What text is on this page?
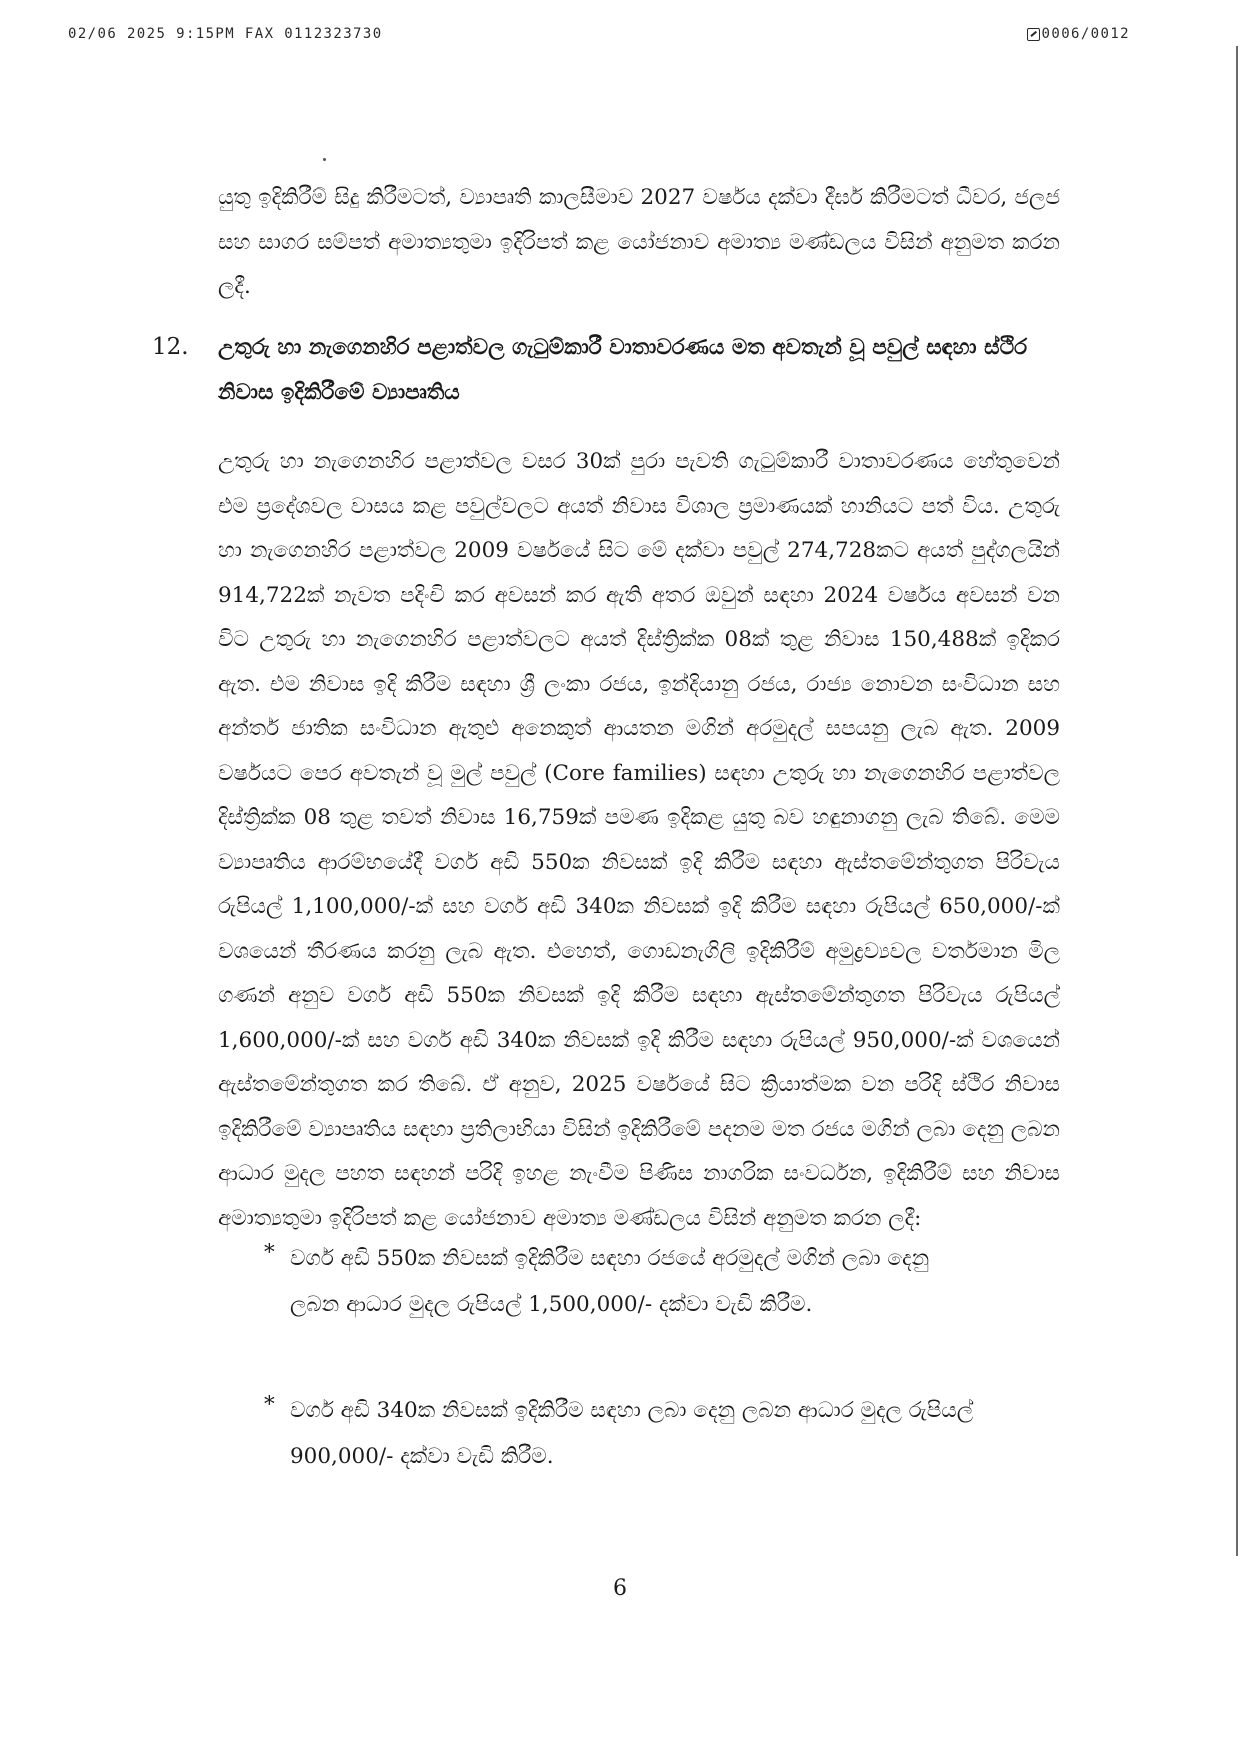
02/06 2025 9:15PM FAX 0112323730	0006/0012

යුතු ඉදිකිරීම් සිදු කිරීමටත්, ව්‍යාපෘති කාලසීමාව 2027 වර්ෂය දක්වා දීර්ඝ කිරීමටත් ධීවර, ජලජ සහ සාගර සම්පත් අමාත්‍යතුමා ඉදිරිපත් කළ යෝජනාව අමාත්‍ය මණ්ඩලය විසින් අනුමත කරන ලදී.

12. උතුරු හා නැගෙනහිර පළාත්වල ගැටුම්කාරී වාතාවරණය මත අවතැන් වූ පවුල් සඳහා ස්ථිර නිවාස ඉදිකිරීමේ ව්‍යාපෘතිය

උතුරු හා නැගෙනහිර පළාත්වල වසර 30ක් පුරා පැවති ගැටුම්කාරී වාතාවරණය හේතුවෙන් එම ප්‍රදේශවල වාසය කළ පවුල්වලට අයත් නිවාස විශාල ප්‍රමාණයක් හානියට පත් විය. උතුරු හා නැගෙනහිර පළාත්වල 2009 වර්ෂයේ සිට මේ දක්වා පවුල් 274,728කට අයත් පුද්ගලයින් 914,722ක් නැවත පදිංචි කර අවසන් කර ඇති අතර ඔවුන් සඳහා 2024 වර්ෂය අවසන් වන විට උතුරු හා නැගෙනහිර පළාත්වලට අයත් දිස්ත්‍රික්ක 08ක් තුළ නිවාස 150,488ක් ඉදිකර ඇත. එම නිවාස ඉදි කිරීම සඳහා ශ්‍රී ලංකා රජය, ඉන්දියානු රජය, රාජ්‍ය නොවන සංවිධාන සහ අන්තර් ජාතික සංවිධාන ඇතුළු අනෙකුත් ආයතන මගින් අරමුදල් සපයනු ලැබ ඇත. 2009 වර්ෂයට පෙර අවතැන් වූ මුල් පවුල් (Core families) සඳහා උතුරු හා නැගෙනහිර පළාත්වල දිස්ත්‍රික්ක 08 තුළ තවත් නිවාස 16,759ක් පමණ ඉදිකළ යුතු බව හඳුනාගනු ලැබ තිබේ. මෙම ව්‍යාපෘතිය ආරම්භයේදී වර්ග අඩි 550ක නිවසක් ඉදි කිරීම සඳහා ඇස්තමේන්තුගත පිරිවැය රුපියල් 1,100,000/-ක් සහ වර්ග අඩි 340ක නිවසක් ඉදි කිරීම සඳහා රුපියල් 650,000/-ක් වශයෙන් තීරණය කරනු ලැබ ඇත. එහෙත්, ගොඩනැගිලි ඉදිකිරීම් අමුද්‍රව්‍යවල වර්තමාන මිල ගණන් අනුව වර්ග අඩි 550ක නිවසක් ඉදි කිරීම සඳහා ඇස්තමේන්තුගත පිරිවැය රුපියල් 1,600,000/-ක් සහ වර්ග අඩි 340ක නිවසක් ඉදි කිරීම සඳහා රුපියල් 950,000/-ක් වශයෙන් ඇස්තමේන්තුගත කර තිබේ. ඒ අනුව, 2025 වර්ෂයේ සිට ක්‍රියාත්මක වන පරිදි ස්ථිර නිවාස ඉදිකිරීමේ ව්‍යාපෘතිය සඳහා ප්‍රතිලාභියා විසින් ඉදිකිරීමේ පදනම මත රජය මගින් ලබා දෙනු ලබන ආධාර මුදල පහත සඳහන් පරිදි ඉහළ නැංවීම පිණිස නාගරික සංවර්ධන, ඉදිකිරීම් සහ නිවාස අමාත්‍යතුමා ඉදිරිපත් කළ යෝජනාව අමාත්‍ය මණ්ඩලය විසින් අනුමත කරන ලදී:

* වර්ග අඩි 550ක නිවසක් ඉදිකිරීම සඳහා රජයේ අරමුදල් මගින් ලබා දෙනු ලබන ආධාර මුදල රුපියල් 1,500,000/- දක්වා වැඩි කිරීම.

* වර්ග අඩි 340ක නිවසක් ඉදිකිරීම සඳහා ලබා දෙනු ලබන ආධාර මුදල රුපියල් 900,000/- දක්වා වැඩි කිරීම.

6
